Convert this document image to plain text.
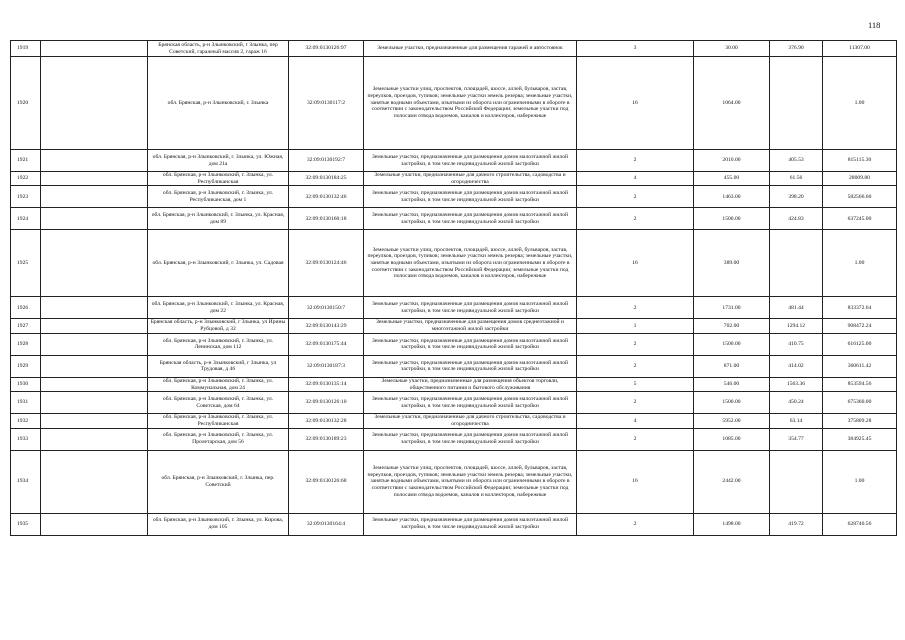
118
1919		Брянская область, р-н Злынковский, г Злынка, пер Советский, гаражный массив 2, гараж 16	32:09:0130126:97	Земельные участки, предназначенные для размещения гаражей и автостоянок	3	30.00	376.90	11307.00
1920		обл. Брянская, р-н Злынковский, г. Злынка	32:09:0130117:2	Земельные участки улиц, проспектов, площадей, шоссе, аллей, бульваров, застав, переулков, проездов, тупиков; земельные участки земель резерва; земельные участки, занятые водными объектами, изъятыми из оборота или ограниченными в обороте в соответствии с законодательством Российской Федерации; земельные участки под полосами отвода водоемов, каналов и коллекторов, набережные	16	1064.00		1.00
1921		обл. Брянская, р-н Злынковский, г. Злынка, ул. Южная, дом 21а	32:09:0130192:7	Земельные участки, предназначенные для размещения домов малоэтажной жилой застройки, в том числе индивидуальной жилой застройки	2	2010.00	405.53	815115.30
1922		обл. Брянская, р-н Злынковский, г. Злынка, ул. Республиканская	32:09:0130184:25	Земельные участки, предназначенные для дачного строительства, садоводства и огородничества	4	455.00	61.56	28009.80
1923		обл. Брянская, р-н Злынковский, г. Злынка, ул. Республиканская, дом 1	32:09:0130132:46	Земельные участки, предназначенные для размещения домов малоэтажной жилой застройки, в том числе индивидуальной жилой застройки	2	1463.00	398.20	582566.60
1924		обл. Брянская, р-н Злынковский, г. Злынка, ул. Красная, дом 89	32:09:0130160:18	Земельные участки, предназначенные для размещения домов малоэтажной жилой застройки, в том числе индивидуальной жилой застройки	2	1500.00	424.83	637245.00
1925		обл. Брянская, р-н Злынковский, г. Злынка, ул. Садовая	32:09:0130124:46	Земельные участки улиц, проспектов, площадей, шоссе, аллей, бульваров, застав, переулков, проездов, тупиков; земельные участки земель резерва; земельные участки, занятые водными объектами, изъятыми из оборота или ограниченными в обороте в соответствии с законодательством Российской Федерации; земельные участки под полосами отвода водоемов, каналов и коллекторов, набережные	16	389.00		1.00
1926		обл. Брянская, р-н Злынковский, г. Злынка, ул. Красная, дом 22	32:09:0130150:7	Земельные участки, предназначенные для размещения домов малоэтажной жилой застройки, в том числе индивидуальной жилой застройки	2	1731.00	481.44	833372.64
1927		Брянская область, р-н Злынковский, г Злынка, ул Ирины Рубцовой, д 32	32:09:0130143:29	Земельные участки, предназначенные для размещения домов среднеэтажной и многоэтажной жилой застройки	1	702.00	1294.12	908472.24
1928		обл. Брянская, р-н Злынковский, г. Злынка, ул. Ленинская, дом 112	32:09:0130175:44	Земельные участки, предназначенные для размещения домов малоэтажной жилой застройки, в том числе индивидуальной жилой застройки	2	1500.00	410.75	616125.00
1929		Брянская область, р-н Злынковский, г Злынка, ул Трудовая, д 46	32:09:0130187:3	Земельные участки, предназначенные для размещения домов малоэтажной жилой застройки, в том числе индивидуальной жилой застройки	2	871.00	414.02	360611.42
1930		обл. Брянская, р-н Злынковский, г. Злынка, ул. Коммунальная, дом 24	32:09:0130135:14	Земельные участки, предназначенные для размещения объектов торговли, общественного питания и бытового обслуживания	5	546.00	1563.36	853594.56
1931		обл. Брянская, р-н Злынковский, г. Злынка, ул. Советская, дом 64	32:09:0130126:10	Земельные участки, предназначенные для размещения домов малоэтажной жилой застройки, в том числе индивидуальной жилой застройки	2	1500.00	450.24	675360.00
1932		обл. Брянская, р-н Злынковский, г. Злынка, ул. Республиканская	32:09:0130132:28	Земельные участки, предназначенные для дачного строительства, садоводства и огородничества	4	5952.00	63.14	375809.28
1933		обл. Брянская, р-н Злынковский, г. Злынка, ул. Пролетарская, дом 56	32:09:0130189:23	Земельные участки, предназначенные для размещения домов малоэтажной жилой застройки, в том числе индивидуальной жилой застройки	2	1085.00	354.77	384925.45
1934		обл. Брянская, р-н Злынковский, г. Злынка, пер. Советский	32:09:0130126:68	Земельные участки улиц, проспектов, площадей, шоссе, аллей, бульваров, застав, переулков, проездов, тупиков; земельные участки земель резерва; земельные участки, занятые водными объектами, изъятыми из оборота или ограниченными в обороте в соответствии с законодательством Российской Федерации; земельные участки под полосами отвода водоемов, каналов и коллекторов, набережные	16	2442.00		1.00
1935		обл. Брянская, р-н Злынковский, г. Злынка, ул. Кирова, дом 105	32:09:0130164:4	Земельные участки, предназначенные для размещения домов малоэтажной жилой застройки, в том числе индивидуальной жилой застройки	2	1498.00	419.72	628740.56
